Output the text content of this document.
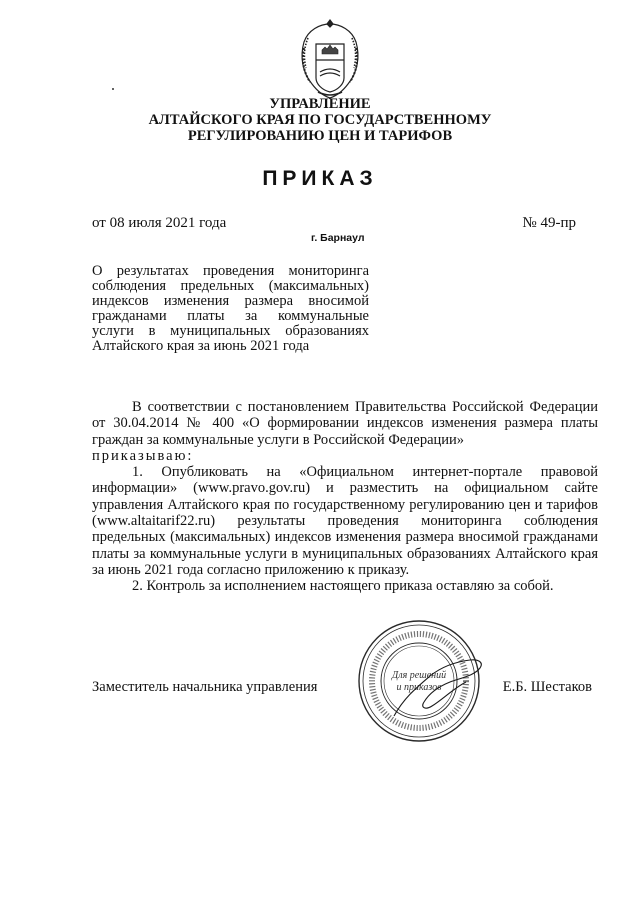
УПРАВЛЕНИЕ
АЛТАЙСКОГО КРАЯ ПО ГОСУДАРСТВЕННОМУ
РЕГУЛИРОВАНИЮ ЦЕН И ТАРИФОВ
ПРИКАЗ
от 08 июля 2021 года	№ 49-пр
г. Барнаул
О результатах проведения мониторинга
соблюдения предельных (максимальных)
индексов изменения размера вносимой
гражданами платы за коммунальные
услуги в муниципальных образованиях
Алтайского края за июнь 2021 года

В соответствии с постановлением Правительства Российской Федерации от 30.04.2014 № 400 «О формировании индексов изменения размера платы граждан за коммунальные услуги в Российской Федерации»

приказываю:

1. Опубликовать на «Официальном интернет-портале правовой информации» (www.pravo.gov.ru) и разместить на официальном сайте управления Алтайского края по государственному регулированию цен и тарифов (www.altaitarif22.ru) результаты проведения мониторинга соблюдения предельных (максимальных) индексов изменения размера вносимой гражданами платы за коммунальные услуги в муниципальных образованиях Алтайского края за июнь 2021 года согласно приложению к приказу.

2. Контроль за исполнением настоящего приказа оставляю за собой.

Для решений
и приказов
Заместитель начальника управления	Е.Б. Шестаков
